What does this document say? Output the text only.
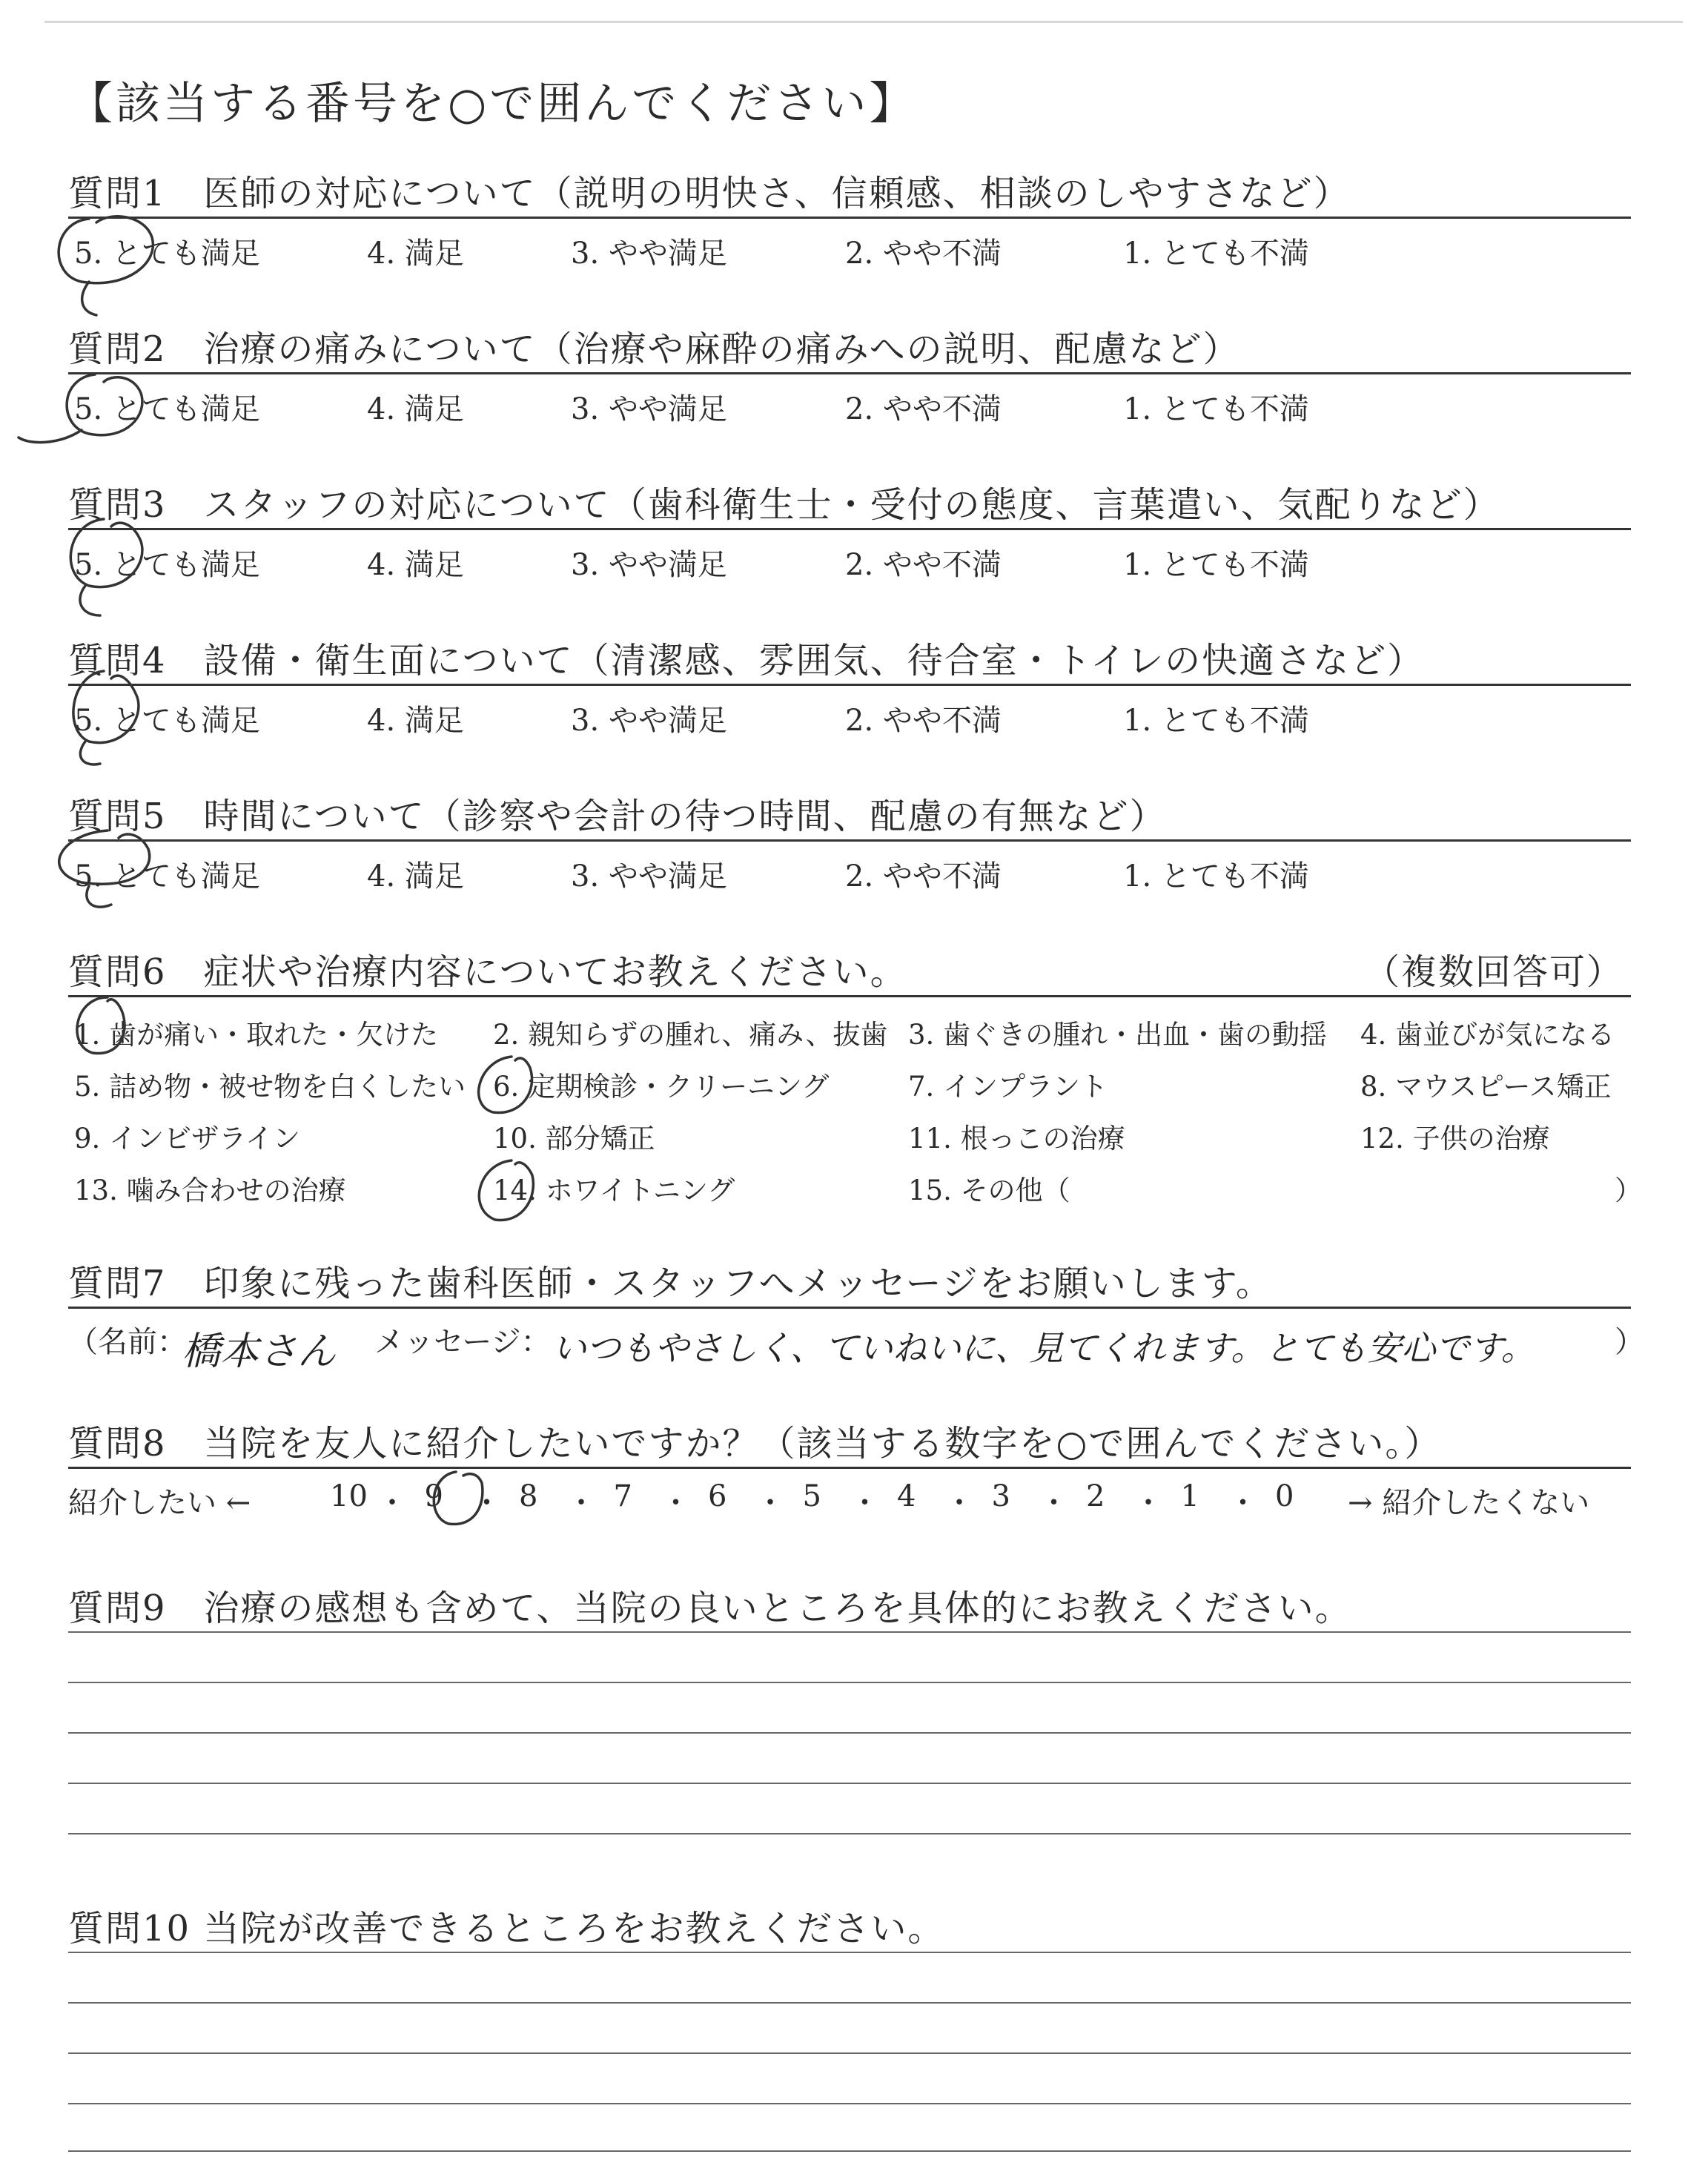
【該当する番号を○で囲んでください】
質問1　医師の対応について（説明の明快さ、信頼感、相談のしやすさなど）
5. とても満足	4. 満足	3. やや満足	2. やや不満	1. とても不満
質問2　治療の痛みについて（治療や麻酔の痛みへの説明、配慮など）
5. とても満足	4. 満足	3. やや満足	2. やや不満	1. とても不満
質問3　スタッフの対応について（歯科衛生士・受付の態度、言葉遣い、気配りなど）
5. とても満足	4. 満足	3. やや満足	2. やや不満	1. とても不満
質問4　設備・衛生面について（清潔感、雰囲気、待合室・トイレの快適さなど）
5. とても満足	4. 満足	3. やや満足	2. やや不満	1. とても不満
質問5　時間について（診察や会計の待つ時間、配慮の有無など）
5. とても満足	4. 満足	3. やや満足	2. やや不満	1. とても不満
質問6　症状や治療内容についてお教えください。	（複数回答可）
1. 歯が痛い・取れた・欠けた 2. 親知らずの腫れ、痛み、抜歯 3. 歯ぐきの腫れ・出血・歯の動揺 4. 歯並びが気になる
5. 詰め物・被せ物を白くしたい 6. 定期検診・クリーニング	7. インプラント	8. マウスピース矯正
9. インビザライン	10. 部分矯正	11. 根っこの治療	12. 子供の治療
13. 噛み合わせの治療	14. ホワイトニング	15. その他（	）
質問7　印象に残った歯科医師・スタッフへメッセージをお願いします。
（名前：
橋本さん メッセージ： いつもやさしく、ていねいに、見てくれます。とても安心です。	）
質問8　当院を友人に紹介したいですか？（該当する数字を○で囲んでください。）
紹介したい ←	10 ・ 9 ・ 8 ・ 7 ・ 6 ・ 5 ・ 4 ・ 3 ・ 2 ・ 1 ・ 0 → 紹介したくない
質問9　治療の感想も含めて、当院の良いところを具体的にお教えください。
質問10 当院が改善できるところをお教えください。
